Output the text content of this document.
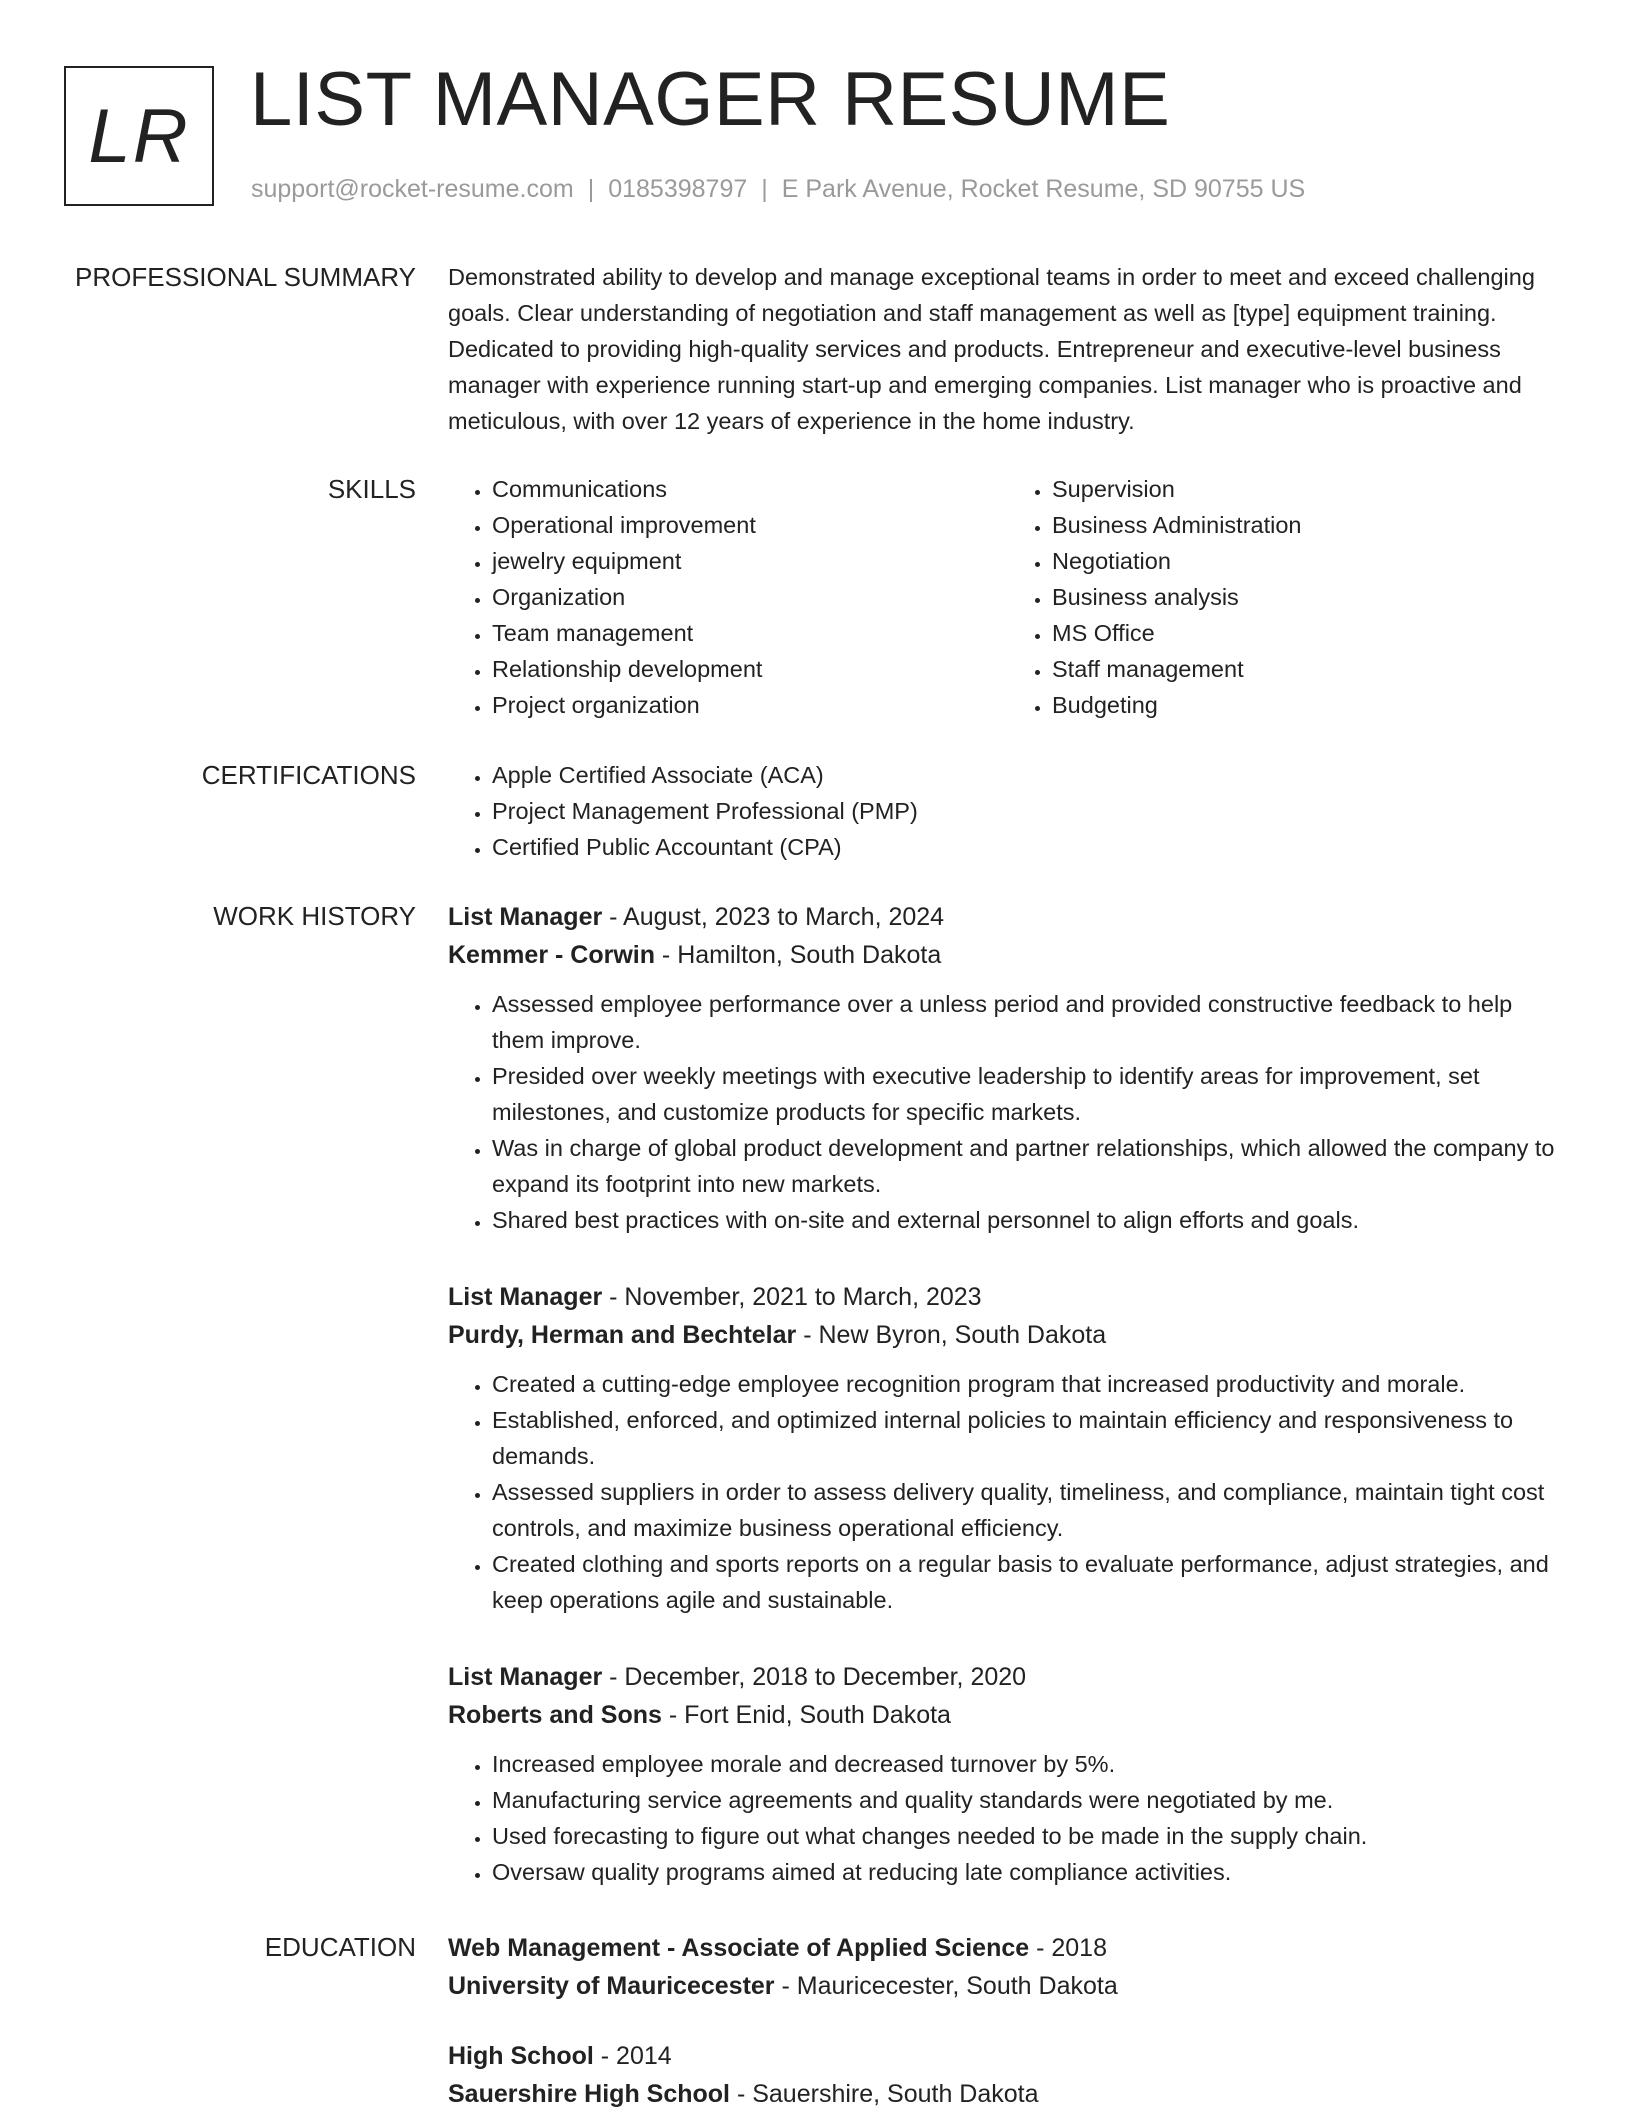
LR LIST MANAGER RESUME
support@rocket-resume.com | 0185398797 | E Park Avenue, Rocket Resume, SD 90755 US
PROFESSIONAL SUMMARY Demonstrated ability to develop and manage exceptional teams in order to meet and exceed challenging goals. Clear understanding of negotiation and staff management as well as [type] equipment training. Dedicated to providing high-quality services and products. Entrepreneur and executive-level business manager with experience running start-up and emerging companies. List manager who is proactive and meticulous, with over 12 years of experience in the home industry.

SKILLS	• Communications
• Operational improvement
• jewelry equipment
• Organization
• Team management
• Relationship development
• Project organization
• Supervision
• Business Administration
• Negotiation
• Business analysis
• MS Office
• Staff management
• Budgeting
CERTIFICATIONS	• Apple Certified Associate (ACA)
• Project Management Professional (PMP)
• Certified Public Accountant (CPA)
WORK HISTORY List Manager - August, 2023 to March, 2024

Kemmer - Corwin - Hamilton, South Dakota

• Assessed employee performance over a unless period and provided constructive feedback to help them improve.
• Presided over weekly meetings with executive leadership to identify areas for improvement, set milestones, and customize products for specific markets.
• Was in charge of global product development and partner relationships, which allowed the company to expand its footprint into new markets.
• Shared best practices with on-site and external personnel to align efforts and goals.

List Manager - November, 2021 to March, 2023

Purdy, Herman and Bechtelar - New Byron, South Dakota

• Created a cutting-edge employee recognition program that increased productivity and morale.
• Established, enforced, and optimized internal policies to maintain efficiency and responsiveness to demands.
• Assessed suppliers in order to assess delivery quality, timeliness, and compliance, maintain tight cost controls, and maximize business operational efficiency.
• Created clothing and sports reports on a regular basis to evaluate performance, adjust strategies, and keep operations agile and sustainable.

List Manager - December, 2018 to December, 2020

Roberts and Sons - Fort Enid, South Dakota

• Increased employee morale and decreased turnover by 5%.
• Manufacturing service agreements and quality standards were negotiated by me.
• Used forecasting to figure out what changes needed to be made in the supply chain.
• Oversaw quality programs aimed at reducing late compliance activities.
EDUCATION Web Management - Associate of Applied Science - 2018

University of Mauricecester - Mauricecester, South Dakota

High School - 2014

Sauershire High School - Sauershire, South Dakota
